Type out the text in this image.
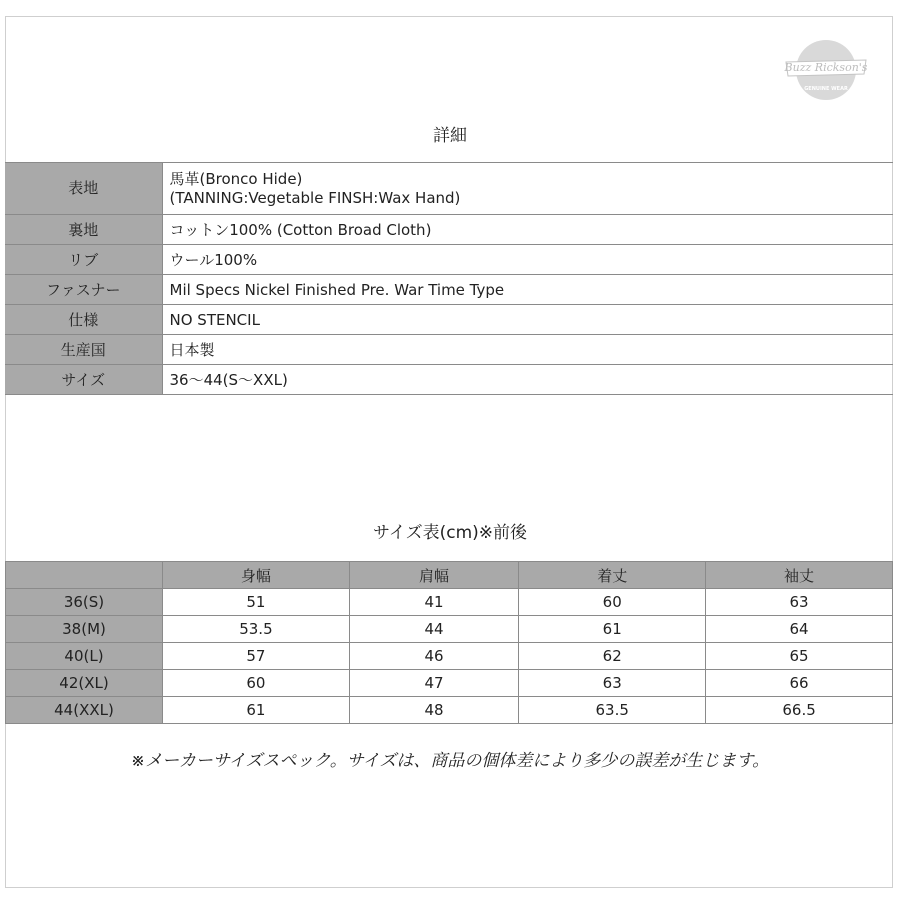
Buzz Rickson's
GENUINE WEAR
詳細
表地	馬革(Bronco Hide)
(TANNING:Vegetable FINSH:Wax Hand)

裏地	コットン100% (Cotton Broad Cloth)
リブ	ウール100%
ファスナー	Mil Specs Nickel Finished Pre. War Time Type
仕様	NO STENCIL
生産国	日本製
サイズ	36〜44(S〜XXL)
サイズ表(cm)※前後
	身幅	肩幅	着丈	袖丈
36(S)	51	41	60	63
38(M)	53.5	44	61	64
40(L)	57	46	62	65
42(XL)	60	47	63	66
44(XXL)	61	48	63.5	66.5
※メーカーサイズスペック。サイズは、商品の個体差により多少の誤差が生じます。
